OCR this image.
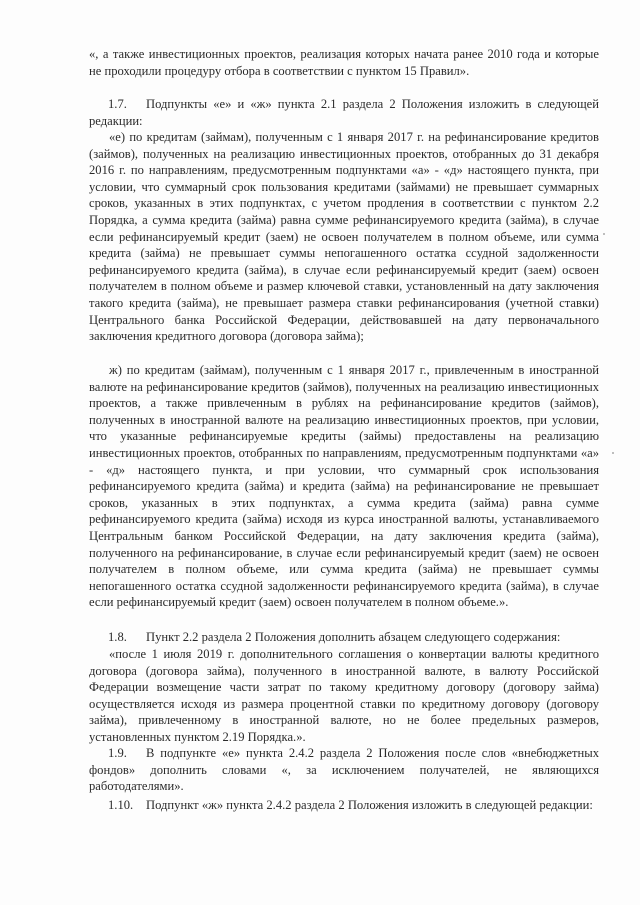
«, а также инвестиционных проектов, реализация которых начата ранее 2010 года и которые не проходили процедуру отбора в соответствии с пунктом 15 Правил».

1.7. Подпункты «е» и «ж» пункта 2.1 раздела 2 Положения изложить в следующей редакции:

«е) по кредитам (займам), полученным с 1 января 2017 г. на рефинансирование кредитов (займов), полученных на реализацию инвестиционных проектов, отобранных до 31 декабря 2016 г. по направлениям, предусмотренным подпунктами «а» - «д» настоящего пункта, при условии, что суммарный срок пользования кредитами (займами) не превышает суммарных сроков, указанных в этих подпунктах, с учетом продления в соответствии с пунктом 2.2 Порядка, а сумма кредита (займа) равна сумме рефинансируемого кредита (займа), в случае если рефинансируемый кредит (заем) не освоен получателем в полном объеме, или сумма кредита (займа) не превышает суммы непогашенного остатка ссудной задолженности рефинансируемого кредита (займа), в случае если рефинансируемый кредит (заем) освоен получателем в полном объеме и размер ключевой ставки, установленный на дату заключения такого кредита (займа), не превышает размера ставки рефинансирования (учетной ставки) Центрального банка Российской Федерации, действовавшей на дату первоначального заключения кредитного договора (договора займа);

ж) по кредитам (займам), полученным с 1 января 2017 г., привлеченным в иностранной валюте на рефинансирование кредитов (займов), полученных на реализацию инвестиционных проектов, а также привлеченным в рублях на рефинансирование кредитов (займов), полученных в иностранной валюте на реализацию инвестиционных проектов, при условии, что указанные рефинансируемые кредиты (займы) предоставлены на реализацию инвестиционных проектов, отобранных по направлениям, предусмотренным подпунктами «а» - «д» настоящего пункта, и при условии, что суммарный срок использования рефинансируемого кредита (займа) и кредита (займа) на рефинансирование не превышает сроков, указанных в этих подпунктах, а сумма кредита (займа) равна сумме рефинансируемого кредита (займа) исходя из курса иностранной валюты, устанавливаемого Центральным банком Российской Федерации, на дату заключения кредита (займа), полученного на рефинансирование, в случае если рефинансируемый кредит (заем) не освоен получателем в полном объеме, или сумма кредита (займа) не превышает суммы непогашенного остатка ссудной задолженности рефинансируемого кредита (займа), в случае если рефинансируемый кредит (заем) освоен получателем в полном объеме.».

1.8. Пункт 2.2 раздела 2 Положения дополнить абзацем следующего содержания:

«после 1 июля 2019 г. дополнительного соглашения о конвертации валюты кредитного договора (договора займа), полученного в иностранной валюте, в валюту Российской Федерации возмещение части затрат по такому кредитному договору (договору займа) осуществляется исходя из размера процентной ставки по кредитному договору (договору займа), привлеченному в иностранной валюте, но не более предельных размеров, установленных пунктом 2.19 Порядка.».

1.9. В подпункте «е» пункта 2.4.2 раздела 2 Положения после слов «внебюджетных фондов» дополнить словами «, за исключением получателей, не являющихся работодателями».

1.10. Подпункт «ж» пункта 2.4.2 раздела 2 Положения изложить в следующей редакции:
